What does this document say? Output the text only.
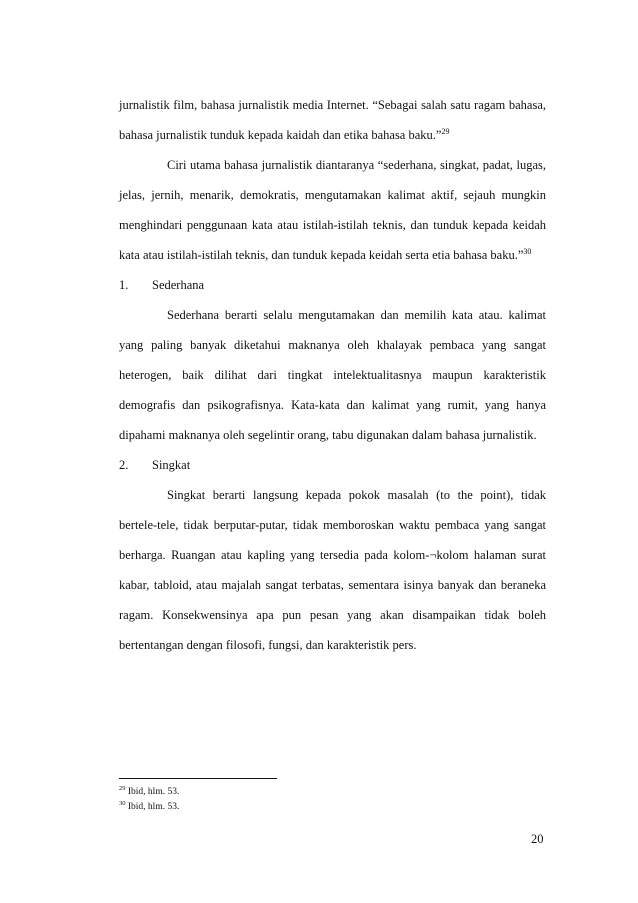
jurnalistik film, bahasa jurnalistik media Internet. “Sebagai salah satu ragam bahasa, bahasa jurnalistik tunduk kepada kaidah dan etika bahasa baku.”$^{29}$

Ciri utama bahasa jurnalistik diantaranya “sederhana, singkat, padat, lugas, jelas, jernih, menarik, demokratis, mengutamakan kalimat aktif, sejauh mungkin menghindari penggunaan kata atau istilah-istilah teknis, dan tunduk kepada keidah kata atau istilah-istilah teknis, dan tunduk kepada keidah serta etia bahasa baku.”$^{30}$

1.	Sederhana

Sederhana berarti selalu mengutamakan dan memilih kata atau. kalimat yang paling banyak diketahui maknanya oleh khalayak pembaca yang sangat heterogen, baik dilihat dari tingkat intelektualitasnya maupun karakteristik demografis dan psikografisnya. Kata-kata dan kalimat yang rumit, yang hanya dipahami maknanya oleh segelintir orang, tabu digunakan dalam bahasa jurnalistik.

2.	Singkat

Singkat berarti langsung kepada pokok masalah (to the point), tidak bertele-tele, tidak berputar-putar, tidak memboroskan waktu pembaca yang sangat berharga. Ruangan atau kapling yang tersedia pada kolom-¬kolom halaman surat kabar, tabloid, atau majalah sangat terbatas, sementara isinya banyak dan beraneka ragam. Konsekwensinya apa pun pesan yang akan disampaikan tidak boleh bertentangan dengan filosofi, fungsi, dan karakteristik pers.

$^{29}$ Ibid, hlm. 53.
$^{30}$ Ibid, hlm. 53.
20
